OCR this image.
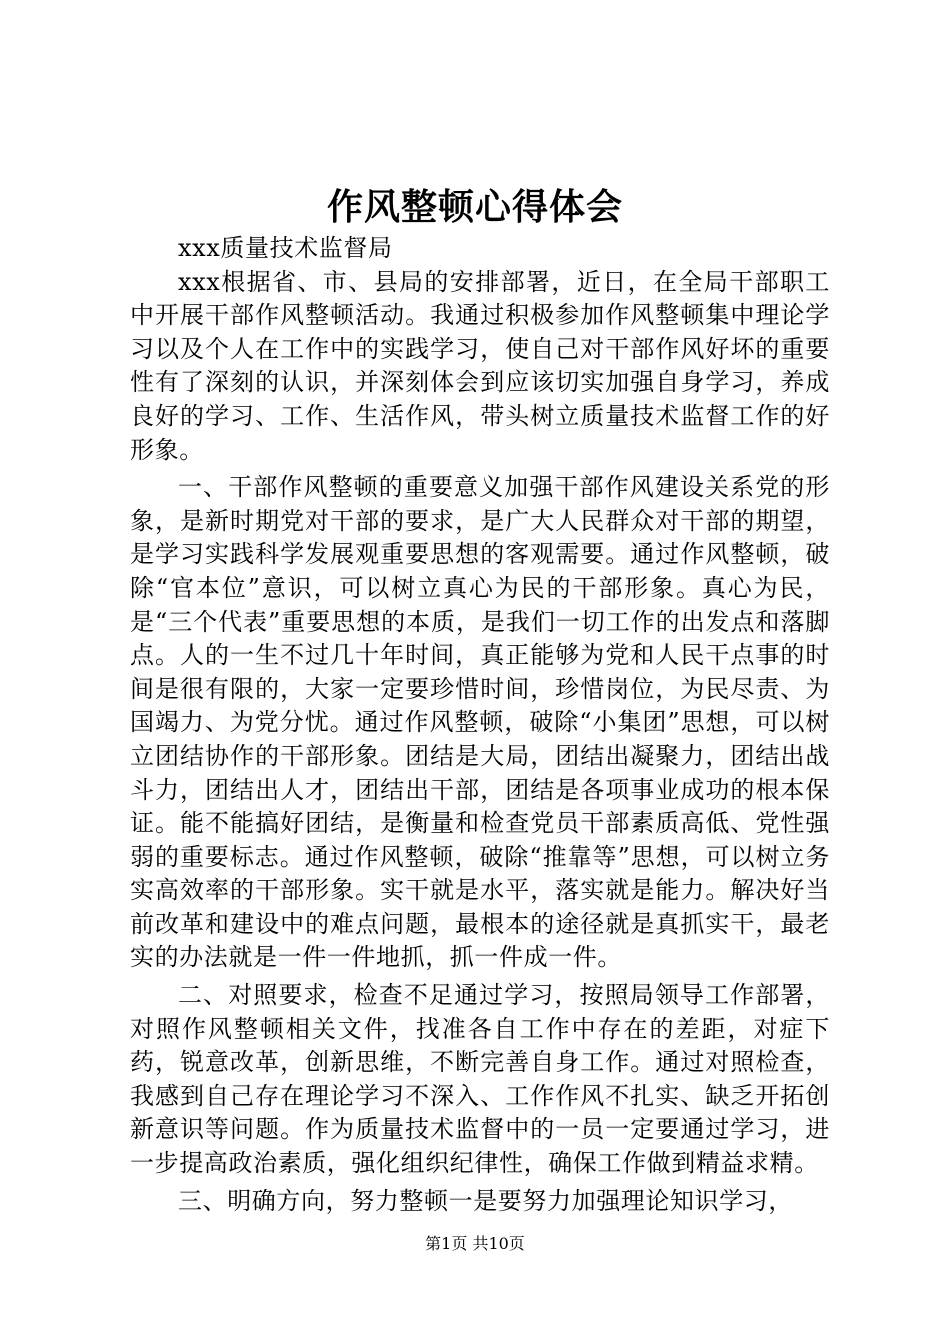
作风整顿心得体会

xxx质量技术监督局

xxx根据省、市、县局的安排部署，近日，在全局干部职工中开展干部作风整顿活动。我通过积极参加作风整顿集中理论学习以及个人在工作中的实践学习，使自己对干部作风好坏的重要性有了深刻的认识，并深刻体会到应该切实加强自身学习，养成良好的学习、工作、生活作风，带头树立质量技术监督工作的好形象。

一、干部作风整顿的重要意义加强干部作风建设关系党的形象，是新时期党对干部的要求，是广大人民群众对干部的期望，是学习实践科学发展观重要思想的客观需要。通过作风整顿，破除“官本位”意识，可以树立真心为民的干部形象。真心为民，是“三个代表”重要思想的本质，是我们一切工作的出发点和落脚点。人的一生不过几十年时间，真正能够为党和人民干点事的时间是很有限的，大家一定要珍惜时间，珍惜岗位，为民尽责、为国竭力、为党分忧。通过作风整顿，破除“小集团”思想，可以树立团结协作的干部形象。团结是大局，团结出凝聚力，团结出战斗力，团结出人才，团结出干部，团结是各项事业成功的根本保证。能不能搞好团结，是衡量和检查党员干部素质高低、党性强弱的重要标志。通过作风整顿，破除“推靠等”思想，可以树立务实高效率的干部形象。实干就是水平，落实就是能力。解决好当前改革和建设中的难点问题，最根本的途径就是真抓实干，最老实的办法就是一件一件地抓，抓一件成一件。

二、对照要求，检查不足通过学习，按照局领导工作部署，对照作风整顿相关文件，找准各自工作中存在的差距，对症下药，锐意改革，创新思维，不断完善自身工作。通过对照检查，我感到自己存在理论学习不深入、工作作风不扎实、缺乏开拓创新意识等问题。作为质量技术监督中的一员一定要通过学习，进一步提高政治素质，强化组织纪律性，确保工作做到精益求精。

三、明确方向，努力整顿一是要努力加强理论知识学习，

第1页 共10页
